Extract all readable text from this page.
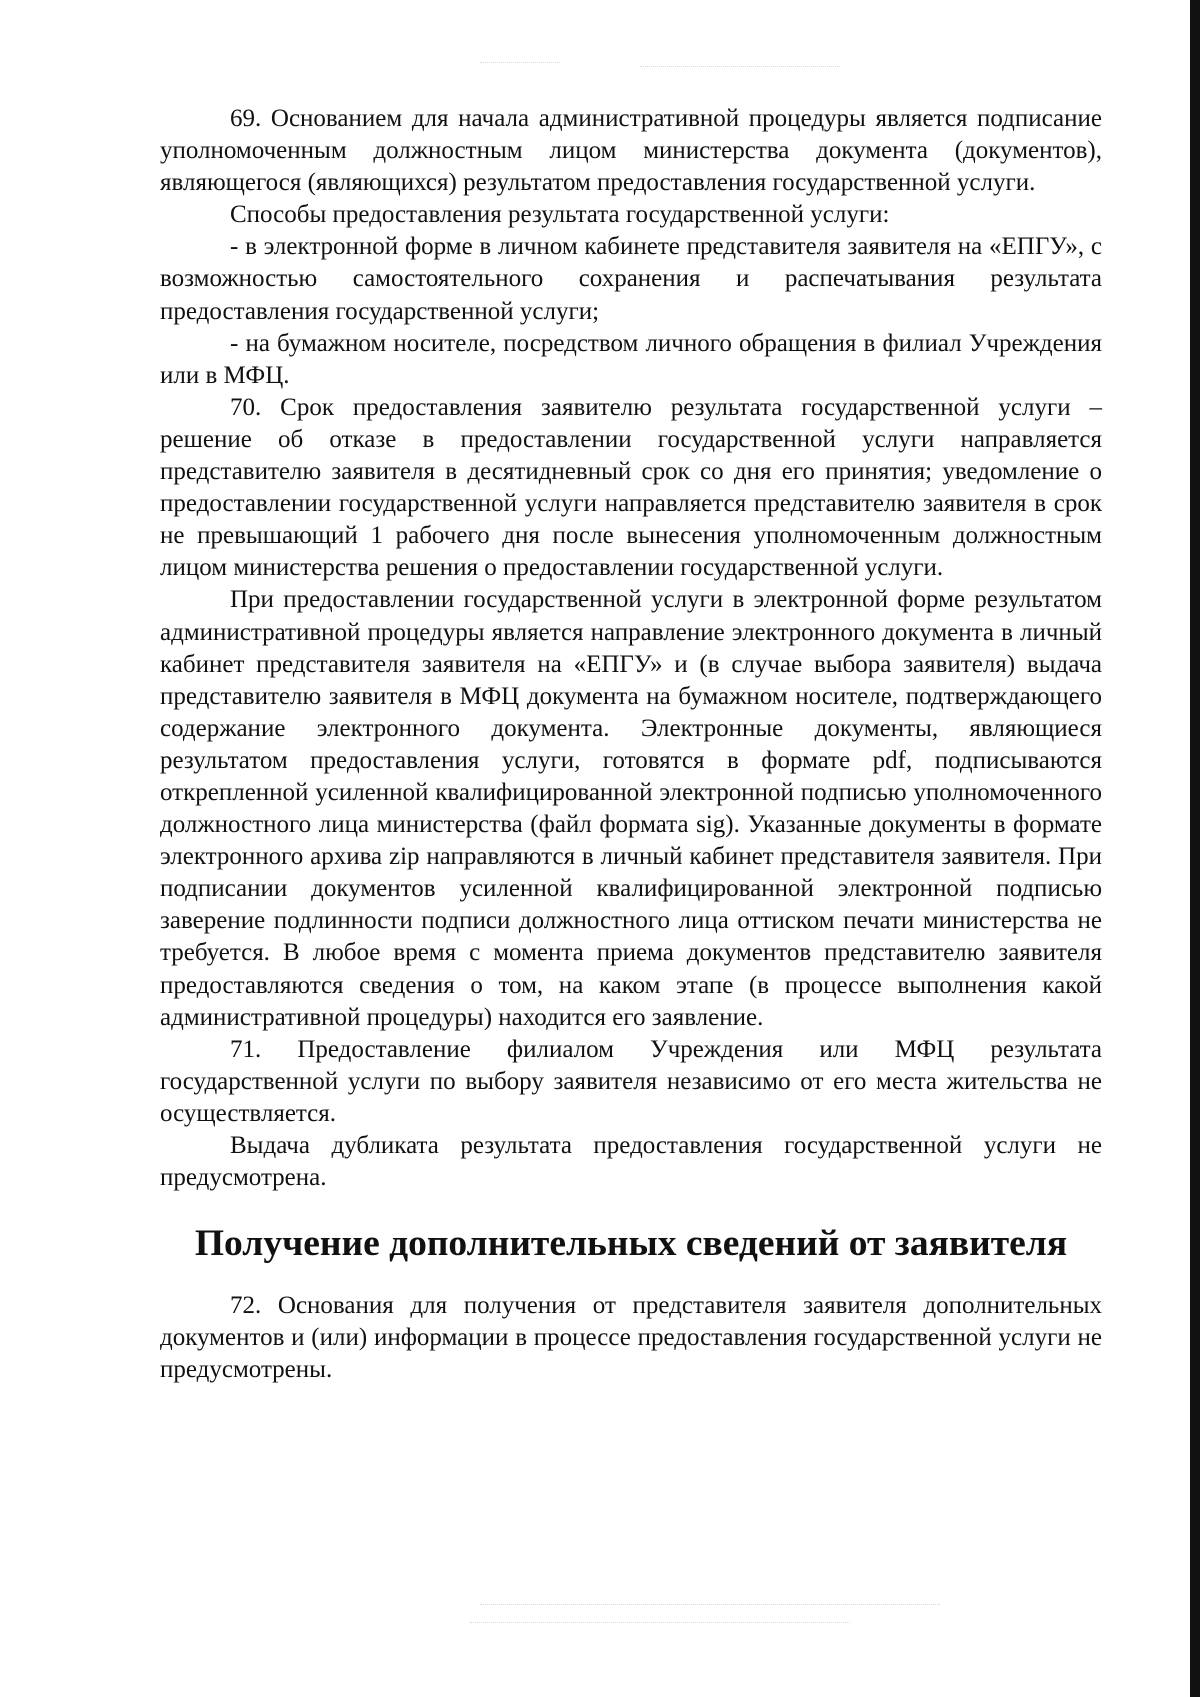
69. Основанием для начала административной процедуры является подписание уполномоченным должностным лицом министерства документа (документов), являющегося (являющихся) результатом предоставления государственной услуги.

Способы предоставления результата государственной услуги:

- в электронной форме в личном кабинете представителя заявителя на «ЕПГУ», с возможностью самостоятельного сохранения и распечатывания результата предоставления государственной услуги;

- на бумажном носителе, посредством личного обращения в филиал Учреждения или в МФЦ.

70. Срок предоставления заявителю результата государственной услуги – решение об отказе в предоставлении государственной услуги направляется представителю заявителя в десятидневный срок со дня его принятия; уведомление о предоставлении государственной услуги направляется представителю заявителя в срок не превышающий 1 рабочего дня после вынесения уполномоченным должностным лицом министерства решения о предоставлении государственной услуги.

При предоставлении государственной услуги в электронной форме результатом административной процедуры является направление электронного документа в личный кабинет представителя заявителя на «ЕПГУ» и (в случае выбора заявителя) выдача представителю заявителя в МФЦ документа на бумажном носителе, подтверждающего содержание электронного документа. Электронные документы, являющиеся результатом предоставления услуги, готовятся в формате pdf, подписываются открепленной усиленной квалифицированной электронной подписью уполномоченного должностного лица министерства (файл формата sig). Указанные документы в формате электронного архива zip направляются в личный кабинет представителя заявителя. При подписании документов усиленной квалифицированной электронной подписью заверение подлинности подписи должностного лица оттиском печати министерства не требуется. В любое время с момента приема документов представителю заявителя предоставляются сведения о том, на каком этапе (в процессе выполнения какой административной процедуры) находится его заявление.

71. Предоставление филиалом Учреждения или МФЦ результата государственной услуги по выбору заявителя независимо от его места жительства не осуществляется.

Выдача дубликата результата предоставления государственной услуги не предусмотрена.

Получение дополнительных сведений от заявителя

72. Основания для получения от представителя заявителя дополнительных документов и (или) информации в процессе предоставления государственной услуги не предусмотрены.
